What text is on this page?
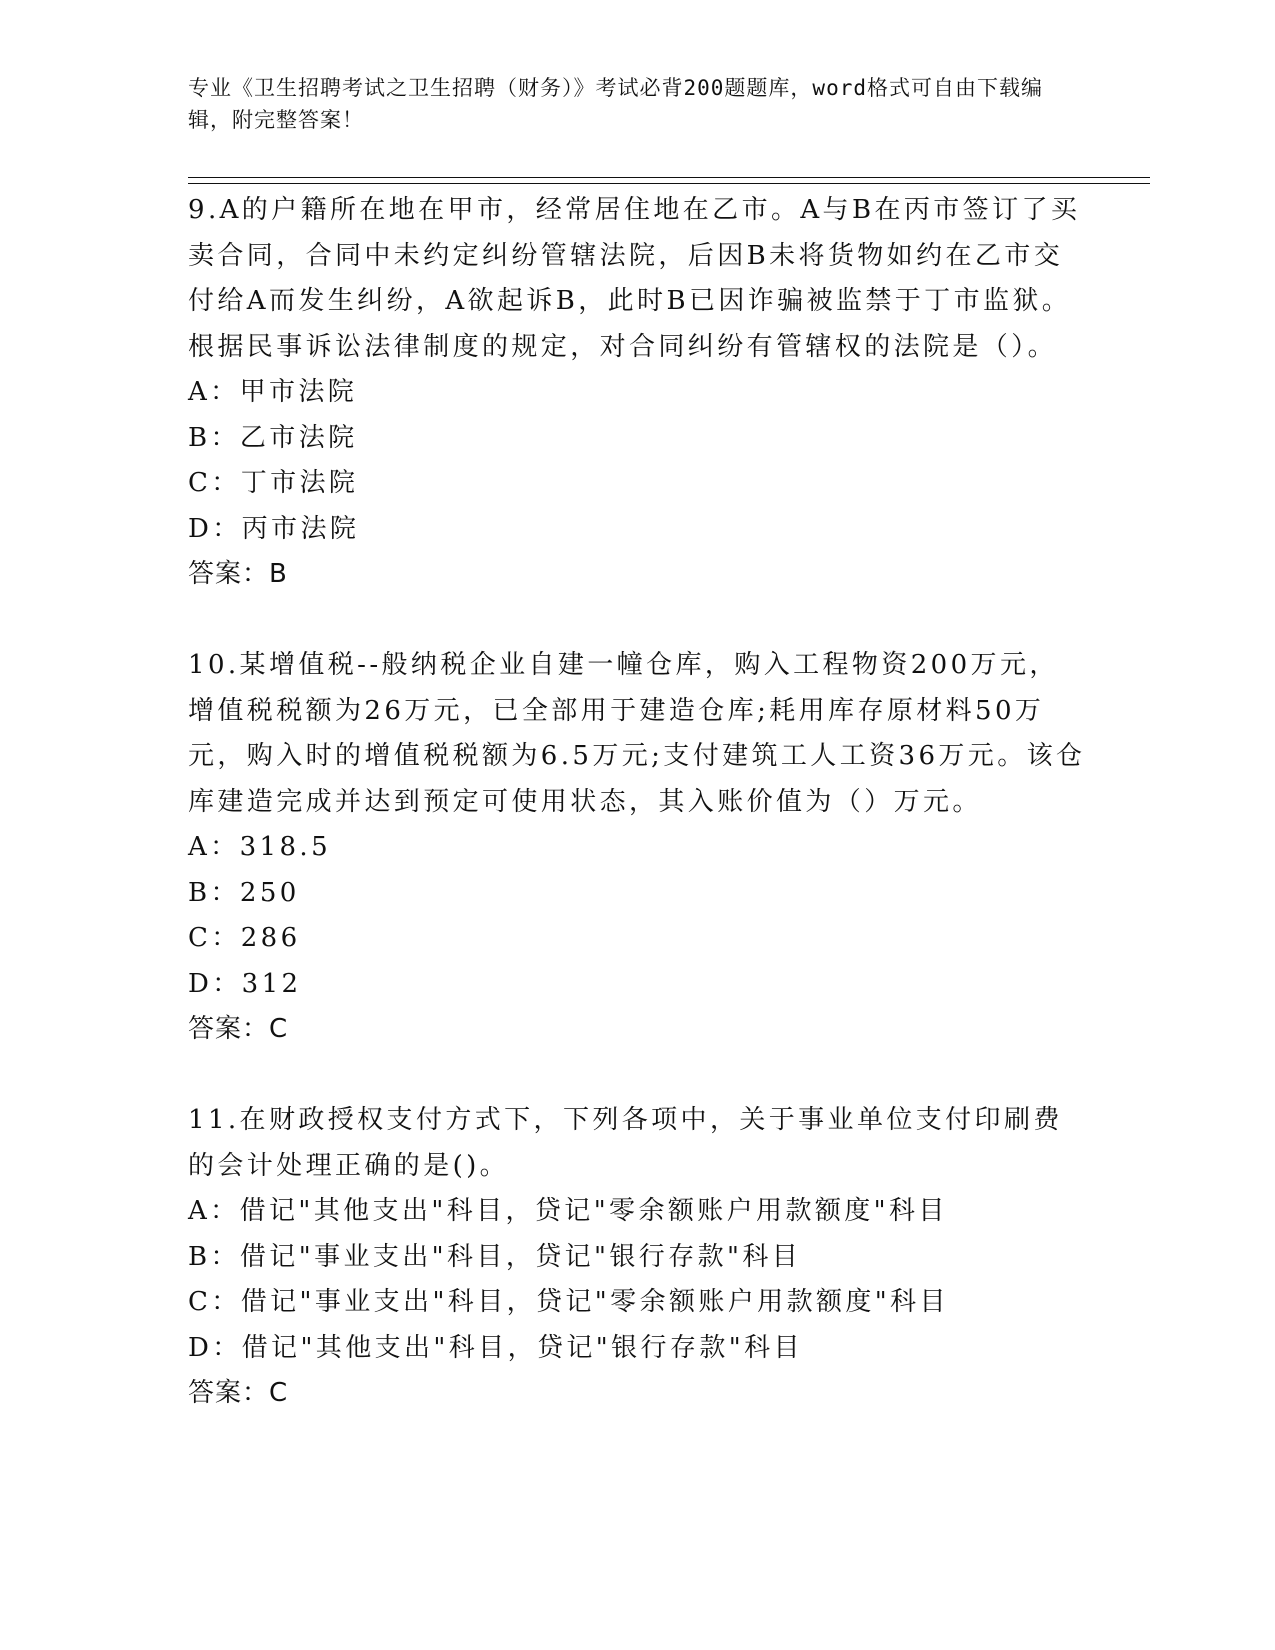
专业《卫生招聘考试之卫生招聘（财务）》考试必背200题题库，word格式可自由下载编辑，附完整答案！

9.A的户籍所在地在甲市，经常居住地在乙市。A与B在丙市签订了买卖合同，合同中未约定纠纷管辖法院，后因B未将货物如约在乙市交付给A而发生纠纷，A欲起诉B，此时B已因诈骗被监禁于丁市监狱。根据民事诉讼法律制度的规定，对合同纠纷有管辖权的法院是（）。

A：甲市法院
B：乙市法院
C：丁市法院
D：丙市法院
答案：B

10.某增值税--般纳税企业自建一幢仓库，购入工程物资200万元，增值税税额为26万元，已全部用于建造仓库;耗用库存原材料50万元，购入时的增值税税额为6.5万元;支付建筑工人工资36万元。该仓库建造完成并达到预定可使用状态，其入账价值为（）万元。

A：318.5
B：250
C：286
D：312
答案：C

11.在财政授权支付方式下，下列各项中，关于事业单位支付印刷费的会计处理正确的是()。

A：借记"其他支出"科目，贷记"零余额账户用款额度"科目
B：借记"事业支出"科目，贷记"银行存款"科目
C：借记"事业支出"科目，贷记"零余额账户用款额度"科目
D：借记"其他支出"科目，贷记"银行存款"科目
答案：C
